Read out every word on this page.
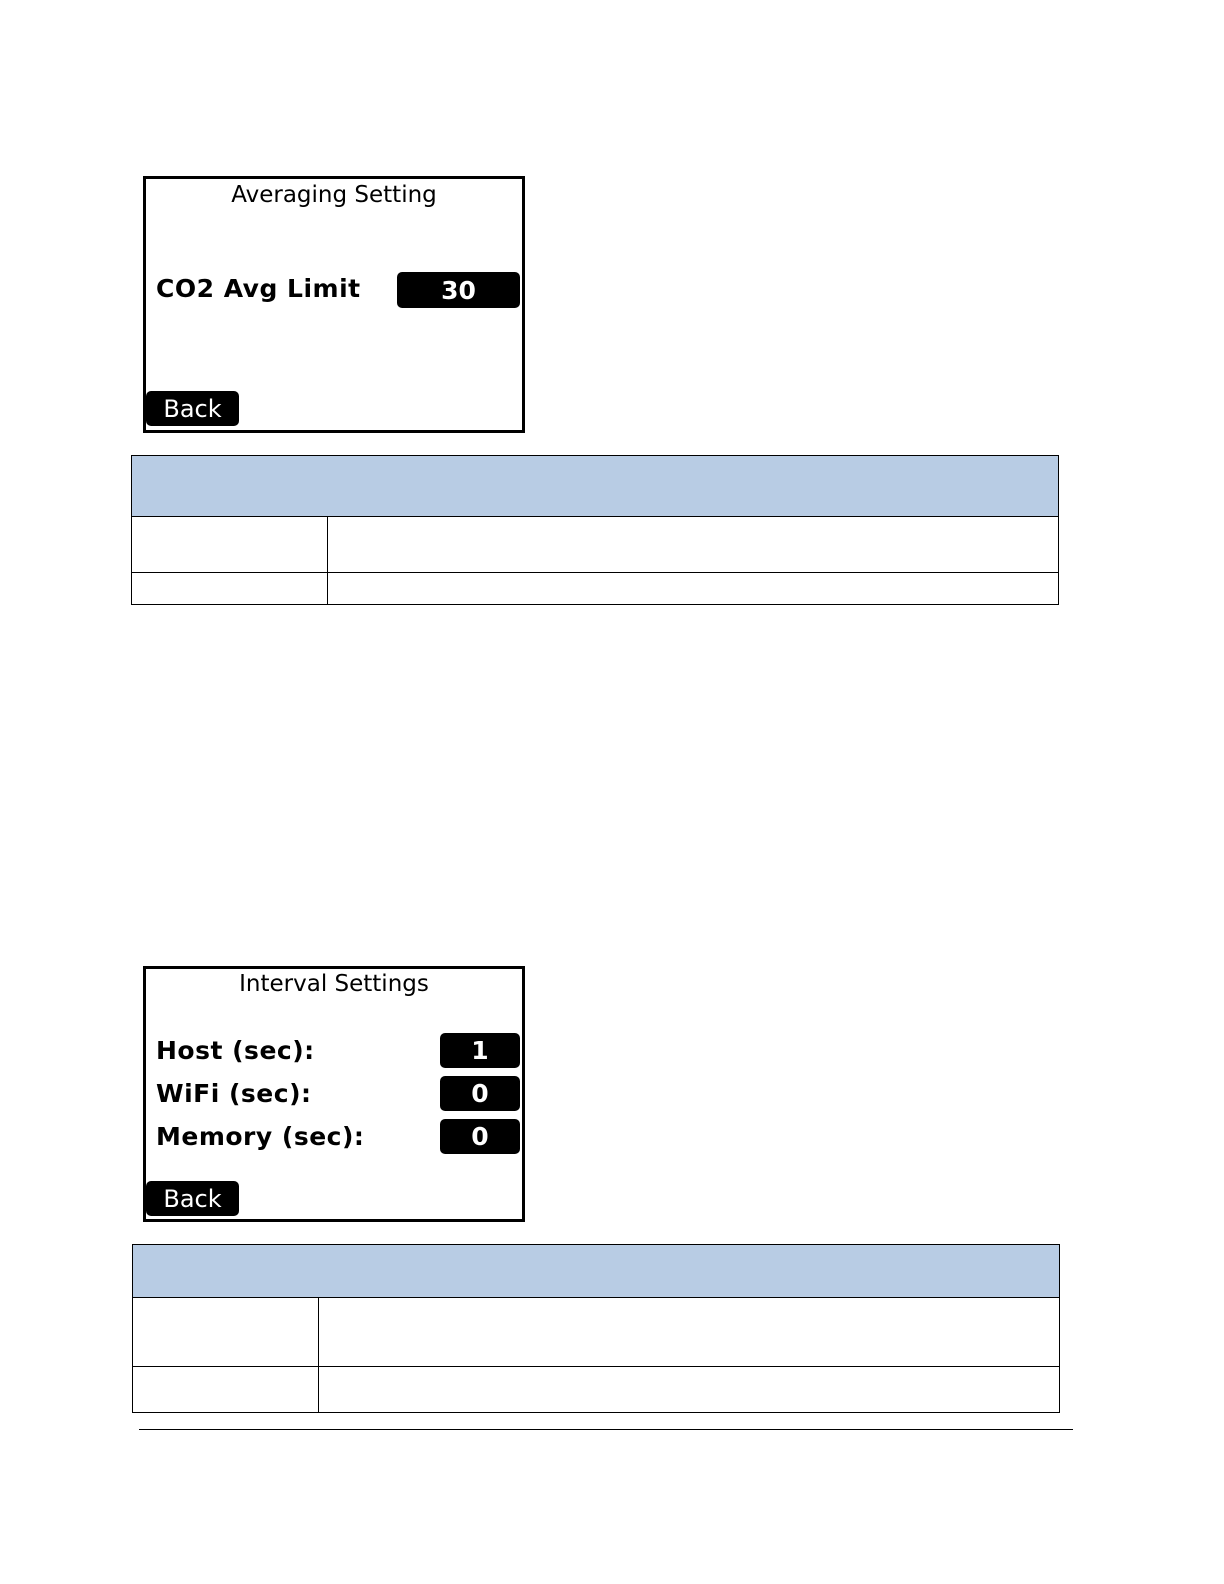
Averaging Setting
CO2 Avg Limit	30
Back

Interval Settings
Host (sec):	1
WiFi (sec):	0
Memory (sec):	0
Back
